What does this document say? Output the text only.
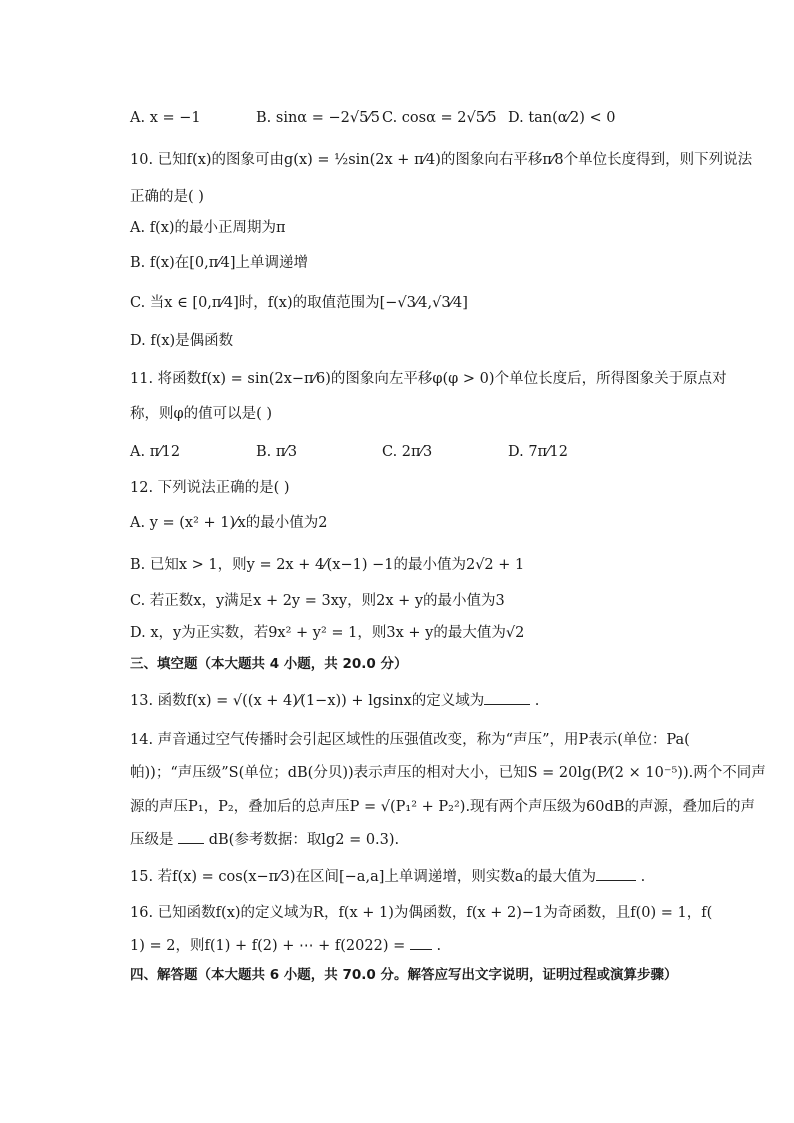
A. x = −1	B. sinα = −2√5⁄5 C. cosα = 2√5⁄5 D. tan(α⁄2) < 0
10. 已知f(x)的图象可由g(x) = ½sin(2x + π⁄4)的图象向右平移π⁄8个单位长度得到，则下列说法
正确的是( )
A. f(x)的最小正周期为π
B. f(x)在[0,π⁄4]上单调递增
C. 当x ∈ [0,π⁄4]时，f(x)的取值范围为[−√3⁄4,√3⁄4]
D. f(x)是偶函数
11. 将函数f(x) = sin(2x−π⁄6)的图象向左平移φ(φ > 0)个单位长度后，所得图象关于原点对
称，则φ的值可以是( )
A. π⁄12	B. π⁄3	C. 2π⁄3	D. 7π⁄12
12. 下列说法正确的是( )
A. y = (x² + 1)⁄x的最小值为2
B. 已知x > 1，则y = 2x + 4⁄(x−1) −1的最小值为2√2 + 1
C. 若正数x，y满足x + 2y = 3xy，则2x + y的最小值为3
D. x，y为正实数，若9x² + y² = 1，则3x + y的最大值为√2
三、填空题（本大题共 4 小题，共 20.0 分）
13. 函数f(x) = √((x + 4)⁄(1−x)) + lgsinx的定义域为	.
14. 声音通过空气传播时会引起区域性的压强值改变，称为“声压”，用P表示(单位：Pa(
帕))；“声压级”S(单位；dB(分贝))表示声压的相对大小，已知S = 20lg(P⁄(2 × 10⁻⁵)).两个不同声
源的声压P₁，P₂，叠加后的总声压P = √(P₁² + P₂²).现有两个声压级为60dB的声源，叠加后的声
压级是  dB(参考数据：取lg2 = 0.3).
15. 若f(x) = cos(x−π⁄3)在区间[−a,a]上单调递增，则实数a的最大值为	.
16. 已知函数f(x)的定义域为R，f(x + 1)为偶函数，f(x + 2)−1为奇函数，且f(0) = 1，f(
1) = 2，则f(1) + f(2) + ⋯ + f(2022) =  .
四、解答题（本大题共 6 小题，共 70.0 分。解答应写出文字说明，证明过程或演算步骤）
